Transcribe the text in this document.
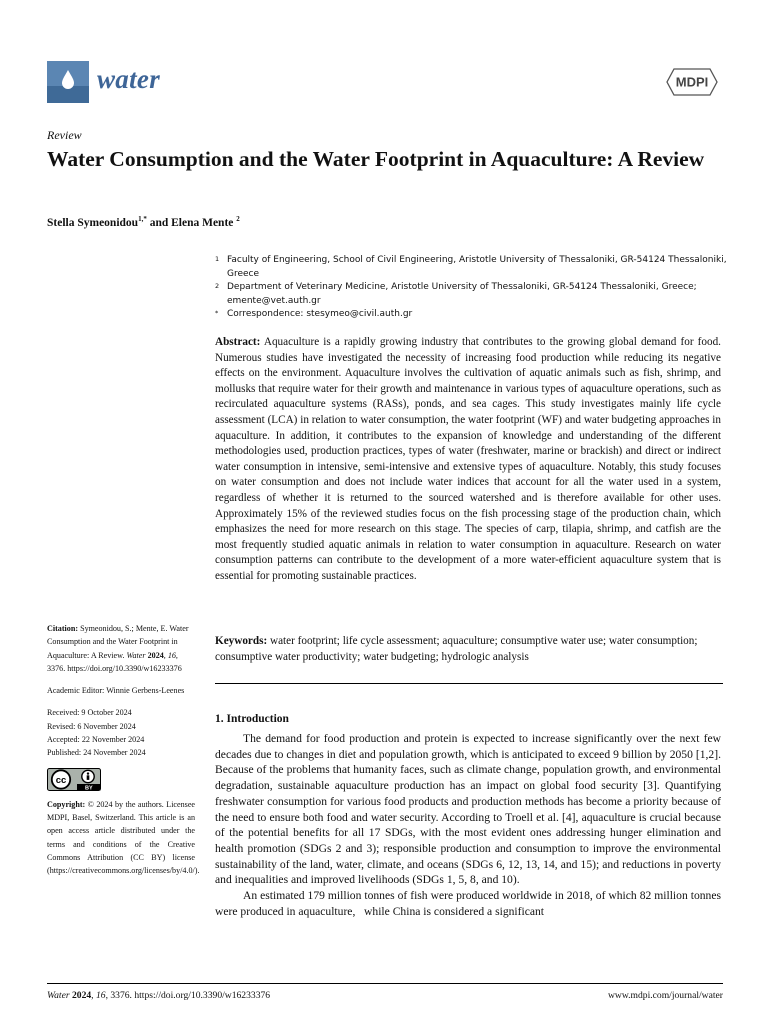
water	MDPI
Review
Water Consumption and the Water Footprint in Aquaculture: A Review
Stella Symeonidou$^{1,*}$ and Elena Mente $^2$
1 Faculty of Engineering, School of Civil Engineering, Aristotle University of Thessaloniki, GR-54124 Thessaloniki, Greece
2 Department of Veterinary Medicine, Aristotle University of Thessaloniki, GR-54124 Thessaloniki, Greece; emente@vet.auth.gr
* Correspondence: stesymeo@civil.auth.gr
Abstract: Aquaculture is a rapidly growing industry that contributes to the growing global demand for food. Numerous studies have investigated the necessity of increasing food production while reducing its negative effects on the environment. Aquaculture involves the cultivation of aquatic animals such as fish, shrimp, and mollusks that require water for their growth and maintenance in various types of aquaculture operations, such as recirculated aquaculture systems (RASs), ponds, and sea cages. This study investigates mainly life cycle assessment (LCA) in relation to water consumption, the water footprint (WF) and water budgeting approaches in aquaculture. In addition, it contributes to the expansion of knowledge and understanding of the different methodologies used, production practices, types of water (freshwater, marine or brackish) and direct or indirect water consumption in intensive, semi-intensive and extensive types of aquaculture. Notably, this study focuses on water consumption and does not include water indices that account for all the water used in a system, regardless of whether it is returned to the sourced watershed and is therefore available for other uses. Approximately 15% of the reviewed studies focus on the fish processing stage of the production chain, which emphasizes the need for more research on this stage. The species of carp, tilapia, shrimp, and catfish are the most frequently studied aquatic animals in relation to water consumption in aquaculture. Research on water consumption patterns can contribute to the development of a more water-efficient aquaculture system that is essential for promoting sustainable practices.
Keywords: water footprint; life cycle assessment; aquaculture; consumptive water use; water consumption; consumptive water productivity; water budgeting; hydrologic analysis

Citation: Symeonidou, S.; Mente, E. Water Consumption and the Water Footprint in Aquaculture: A Review. Water 2024, 16, 3376. https://doi.org/10.3390/w16233376

Academic Editor: Winnie Gerbens-Leenes

Received: 9 October 2024

Revised: 6 November 2024

Accepted: 22 November 2024

Published: 24 November 2024

cc
BY

Copyright: © 2024 by the authors. Licensee MDPI, Basel, Switzerland. This article is an open access article distributed under the terms and conditions of the Creative Commons Attribution (CC BY) license (https://creativecommons.org/licenses/by/4.0/).

1. Introduction

The demand for food production and protein is expected to increase significantly over the next few decades due to changes in diet and population growth, which is anticipated to exceed 9 billion by 2050 [1,2]. Because of the problems that humanity faces, such as climate change, population growth, and environmental degradation, sustainable aquaculture production has an impact on global food security [3]. Quantifying freshwater consumption for various food products and production methods has become a priority because of the need to ensure both food and water security. According to Troell et al. [4], aquaculture is crucial because of the potential benefits for all 17 SDGs, with the most evident ones addressing hunger elimination and health promotion (SDGs 2 and 3); responsible production and consumption to improve the environmental sustainability of the land, water, climate, and oceans (SDGs 6, 12, 13, 14, and 15); and reductions in poverty and inequalities and improved livelihoods (SDGs 1, 5, 8, and 10).

An estimated 179 million tonnes of fish were produced worldwide in 2018, of which 82 million tonnes were produced in aquaculture,   while China is considered a significant

Water 2024, 16, 3376. https://doi.org/10.3390/w16233376	www.mdpi.com/journal/water
